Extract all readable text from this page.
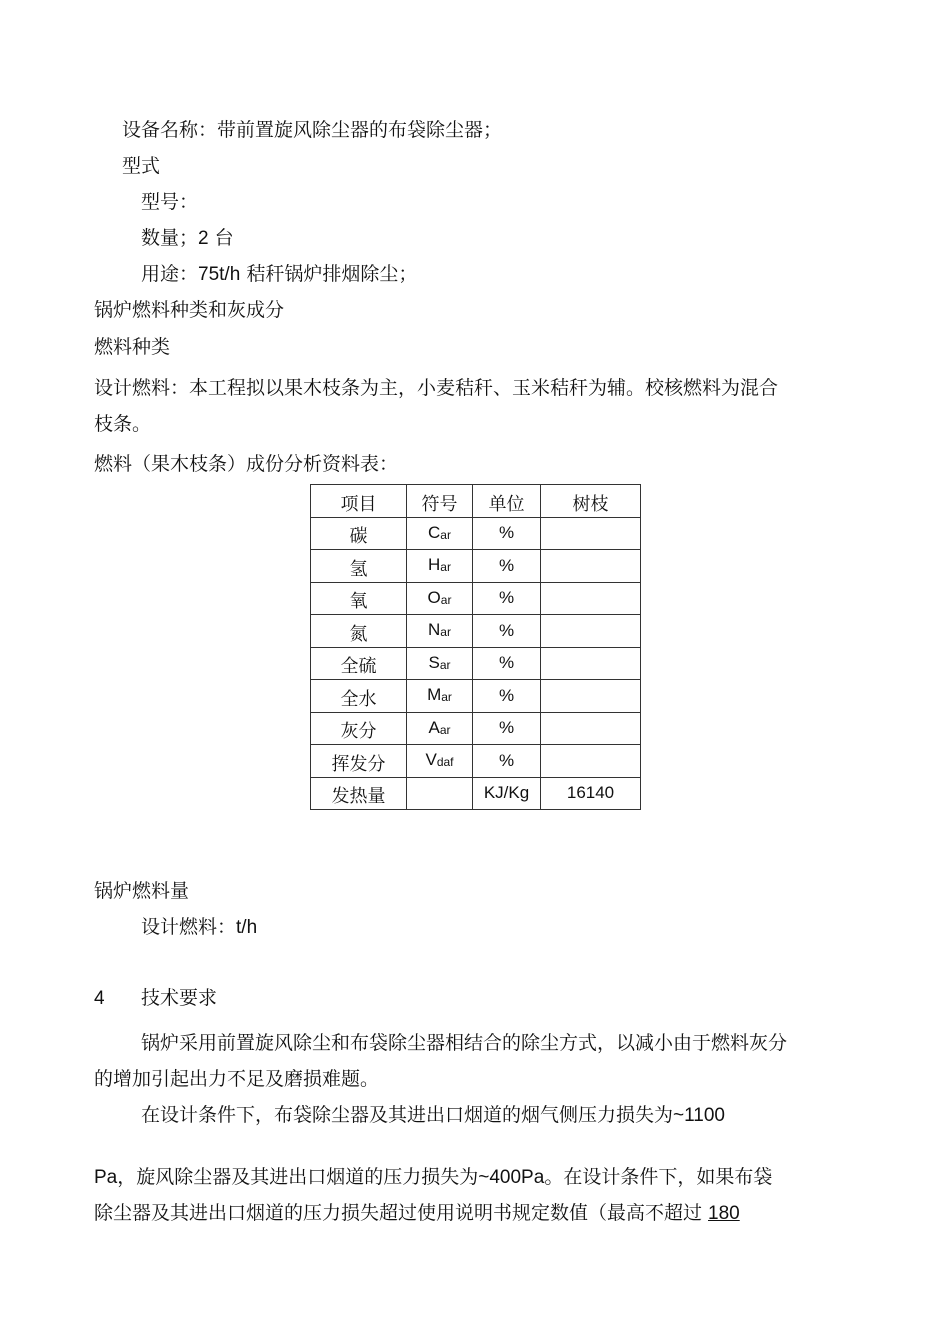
设备名称：带前置旋风除尘器的布袋除尘器；
型式
型号：
数量；2 台
用途：75t/h 秸秆锅炉排烟除尘；
锅炉燃料种类和灰成分
燃料种类
设计燃料：本工程拟以果木枝条为主，小麦秸秆、玉米秸秆为辅。校核燃料为混合
枝条。
燃料（果木枝条）成份分析资料表：
项目	符号	单位	树枝
碳	$C_{ar}$	%	
氢	$H_{ar}$	%	
氧	$O_{ar}$	%	
氮	$N_{ar}$	%	
全硫	$S_{ar}$	%	
全水	$M_{ar}$	%	
灰分	$A_{ar}$	%	
挥发分	$V_{daf}$	%	
发热量		KJ/Kg	16140
锅炉燃料量
设计燃料：t/h
4 技术要求
锅炉采用前置旋风除尘和布袋除尘器相结合的除尘方式，以减小由于燃料灰分
的增加引起出力不足及磨损难题。
在设计条件下，布袋除尘器及其进出口烟道的烟气侧压力损失为~1100
Pa，旋风除尘器及其进出口烟道的压力损失为~400Pa。在设计条件下，如果布袋
除尘器及其进出口烟道的压力损失超过使用说明书规定数值（最高不超过 180
